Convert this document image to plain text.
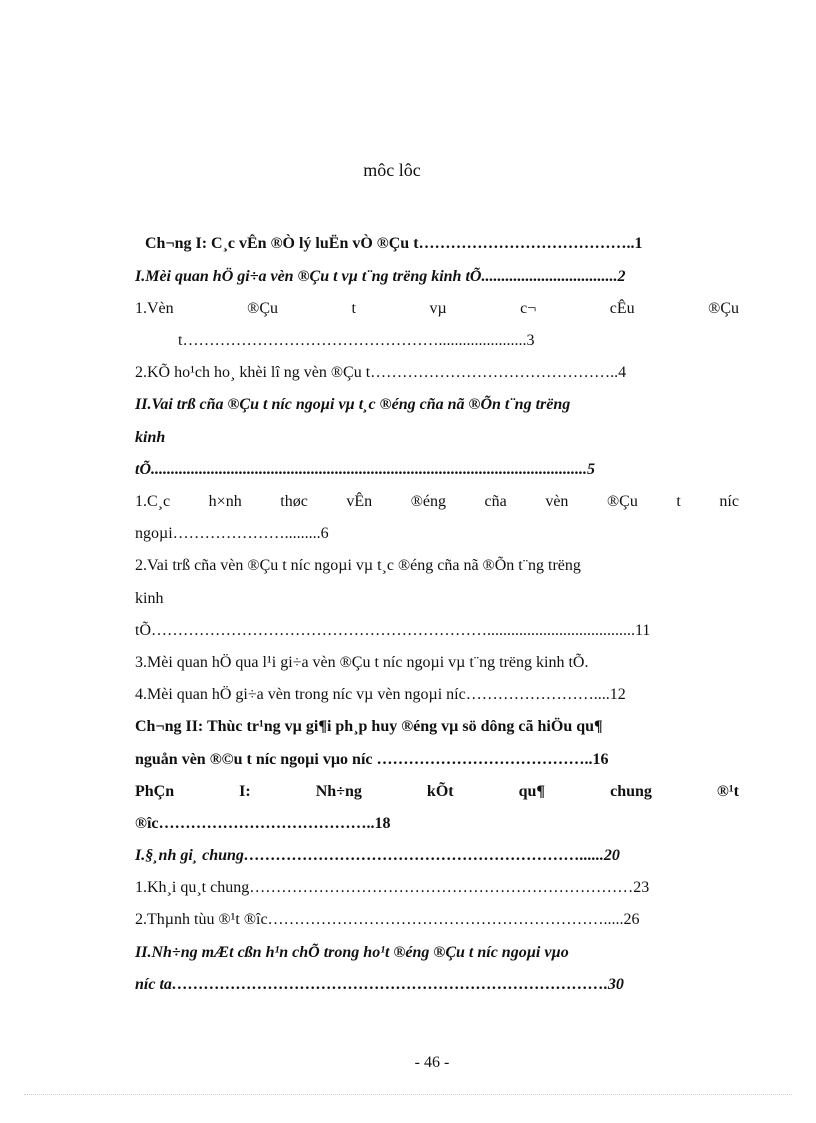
môc lôc
Ch¬ng I: C¸c vÊn ®Ò lý luËn vÒ ®Çu t…………………………………..1
I.Mèi quan hÖ gi÷a vèn ®Çu t vµ t¨ng trëng kinh tÕ..................................2
1.Vèn	®Çu	t	vµ	c¬	cÊu	®Çu
t…………………………………………......................3
2.KÕ ho¹ch ho¸ khèi lî ng vèn ®Çu t………………………………………..4
II.Vai trß cña ®Çu t níc ngoµi vµ t¸c ®éng cña nã ®Õn t¨ng trëng
kinh
tÕ.............................................................................................................5
1.C¸c h×nh thøc vÊn ®éng cña vèn ®Çu t níc
ngoµi………………….........6
2.Vai trß cña vèn ®Çu t níc ngoµi vµ t¸c ®éng cña nã ®Õn t¨ng trëng
kinh
tÕ……………………………………………………….....................................11
3.Mèi quan hÖ qua l¹i gi÷a vèn ®Çu t níc ngoµi vµ t¨ng trëng kinh tÕ.
4.Mèi quan hÖ gi÷a vèn trong níc vµ vèn ngoµi níc……………………....12
Ch¬ng II: Thùc tr¹ng vµ gi¶i ph¸p huy ®éng vµ sö dông cã hiÖu qu¶
nguån vèn ®©u t níc ngoµi vµo níc …………………………………..16
PhÇn	I:	Nh÷ng	kÕt	qu¶	chung	®¹t
®îc…………………………………..18
I.§¸nh gi¸ chung………………………………………………………......20
1.Kh¸i qu¸t chung………………………………………………………………23
2.Thµnh tùu ®¹t ®îc……………………………………………………….....26
II.Nh÷ng mÆt cßn h¹n chÕ trong ho¹t ®éng ®Çu t níc ngoµi vµo
níc ta……………………………………………………………………….30
- 46 -
